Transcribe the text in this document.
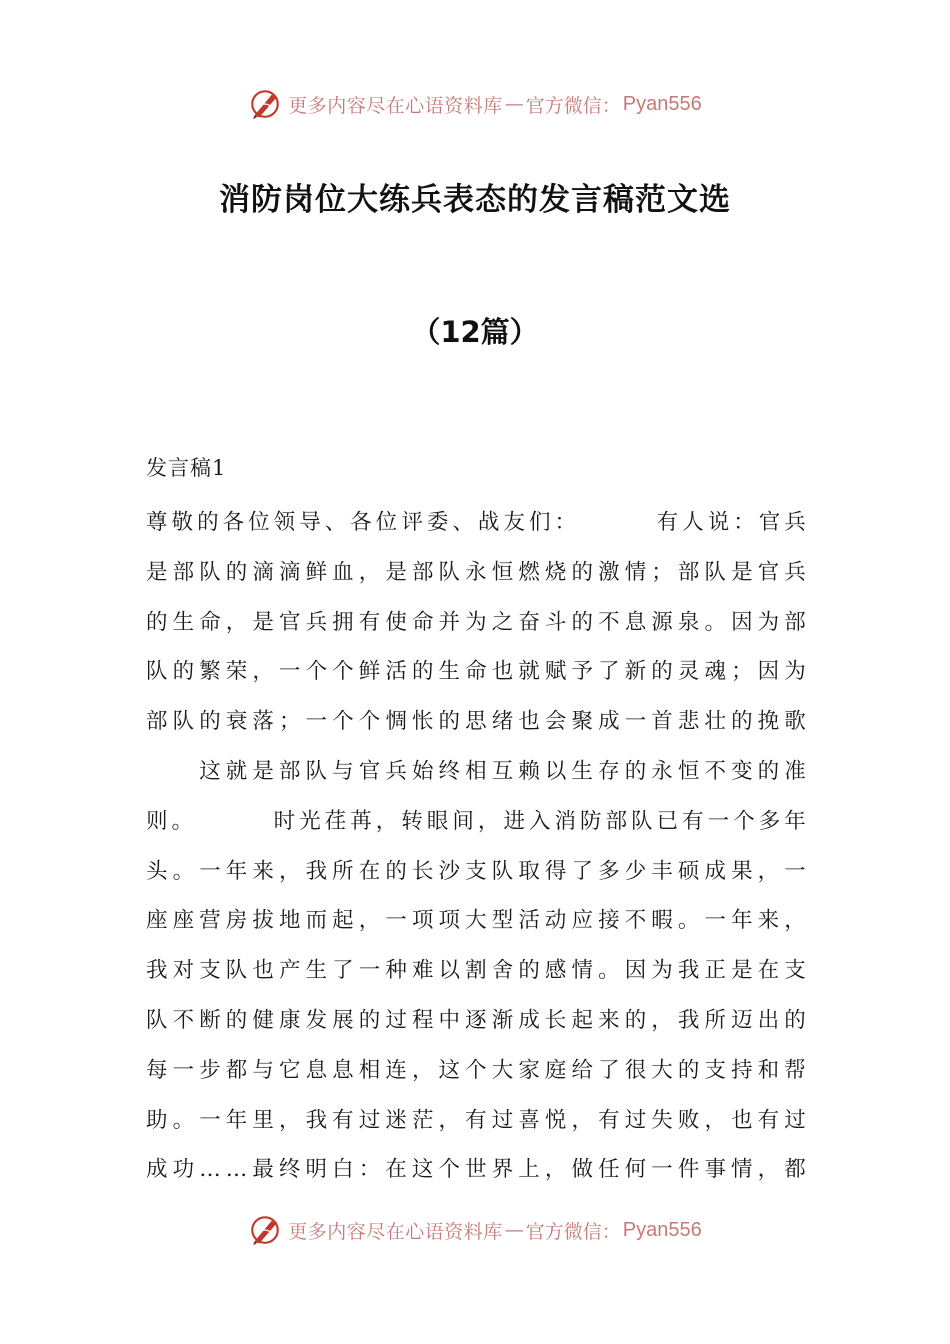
更多内容尽在心语资料库 — 官方微信： Pyan556
消防岗位大练兵表态的发言稿范文选
（12篇）
发言稿1
尊 敬 的 各 位 领 导 、 各 位 评 委 、 战 友 们 ：

　	有 人 说 ： 官 兵
是 部 队 的 滴 滴 鲜 血 ， 是 部 队 永 恒 燃 烧 的 激 情 ； 部 队 是 官 兵
的 生 命 ， 是 官 兵 拥 有 使 命 并 为 之 奋 斗 的 不 息 源 泉 。 因 为 部
队 的 繁 荣 ， 一 个 个 鲜 活 的 生 命 也 就 赋 予 了 新 的 灵 魂 ； 因 为
部 队 的 衰 落 ； 一 个 个 惆 怅 的 思 绪 也 会 聚 成 一 首 悲 壮 的 挽 歌

这 就 是 部 队 与 官 兵 始 终 相 互 赖 以 生 存 的 永 恒 不 变 的 准
则 。

　	时 光 荏 苒 ， 转 眼 间 ， 进 入 消 防 部 队 已 有 一 个 多 年
头 。 一 年 来 ， 我 所 在 的 长 沙 支 队 取 得 了 多 少 丰 硕 成 果 ， 一
座 座 营 房 拔 地 而 起 ， 一 项 项 大 型 活 动 应 接 不 暇 。 一 年 来 ，
我 对 支 队 也 产 生 了 一 种 难 以 割 舍 的 感 情 。 因 为 我 正 是 在 支
队 不 断 的 健 康 发 展 的 过 程 中 逐 渐 成 长 起 来 的 ， 我 所 迈 出 的
每 一 步 都 与 它 息 息 相 连 ， 这 个 大 家 庭 给 了 很 大 的 支 持 和 帮
助 。 一 年 里 ， 我 有 过 迷 茫 ， 有 过 喜 悦 ， 有 过 失 败 ， 也 有 过
成 功 … … 最 终 明 白 ： 在 这 个 世 界 上 ， 做 任 何 一 件 事 情 ， 都
更多内容尽在心语资料库 — 官方微信： Pyan556
